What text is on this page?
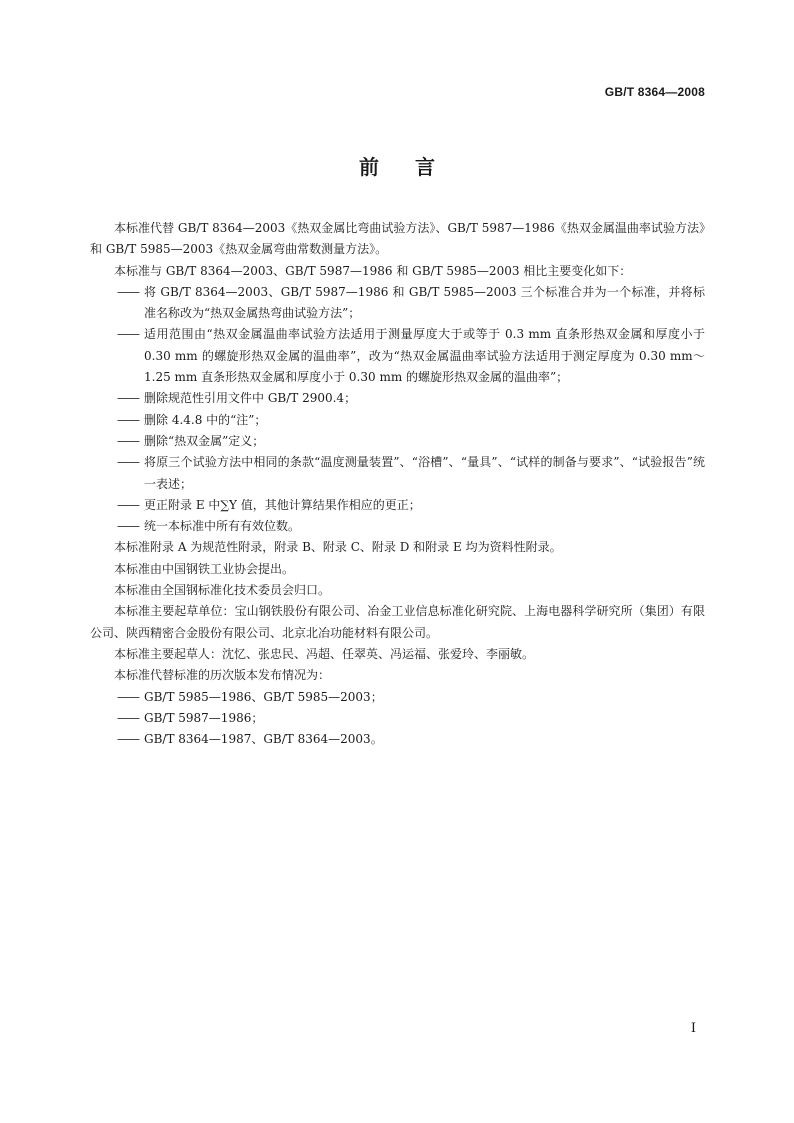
GB/T 8364—2008
前言

本标准代替 GB/T 8364—2003《热双金属比弯曲试验方法》、GB/T 5987—1986《热双金属温曲率试验方法》和 GB/T 5985—2003《热双金属弯曲常数测量方法》。

本标准与 GB/T 8364—2003、GB/T 5987—1986 和 GB/T 5985—2003 相比主要变化如下：

—— 将 GB/T 8364—2003、GB/T 5987—1986 和 GB/T 5985—2003 三个标准合并为一个标准，并将标准名称改为“热双金属热弯曲试验方法”；

—— 适用范围由“热双金属温曲率试验方法适用于测量厚度大于或等于 0.3 mm 直条形热双金属和厚度小于 0.30 mm 的螺旋形热双金属的温曲率”，改为“热双金属温曲率试验方法适用于测定厚度为 0.30 mm～1.25 mm 直条形热双金属和厚度小于 0.30 mm 的螺旋形热双金属的温曲率”；

—— 删除规范性引用文件中 GB/T 2900.4；

—— 删除 4.4.8 中的“注”；

—— 删除“热双金属”定义；

—— 将原三个试验方法中相同的条款“温度测量装置”、“浴槽”、“量具”、“试样的制备与要求”、“试验报告”统一表述；

—— 更正附录 E 中∑Y 值，其他计算结果作相应的更正；

—— 统一本标准中所有有效位数。

本标准附录 A 为规范性附录，附录 B、附录 C、附录 D 和附录 E 均为资料性附录。

本标准由中国钢铁工业协会提出。

本标准由全国钢标准化技术委员会归口。

本标准主要起草单位：宝山钢铁股份有限公司、冶金工业信息标准化研究院、上海电器科学研究所（集团）有限公司、陕西精密合金股份有限公司、北京北冶功能材料有限公司。

本标准主要起草人：沈忆、张忠民、冯超、任翠英、冯运福、张爱玲、李丽敏。

本标准代替标准的历次版本发布情况为：

—— GB/T 5985—1986、GB/T 5985—2003；

—— GB/T 5987—1986；

—— GB/T 8364—1987、GB/T 8364—2003。

I
